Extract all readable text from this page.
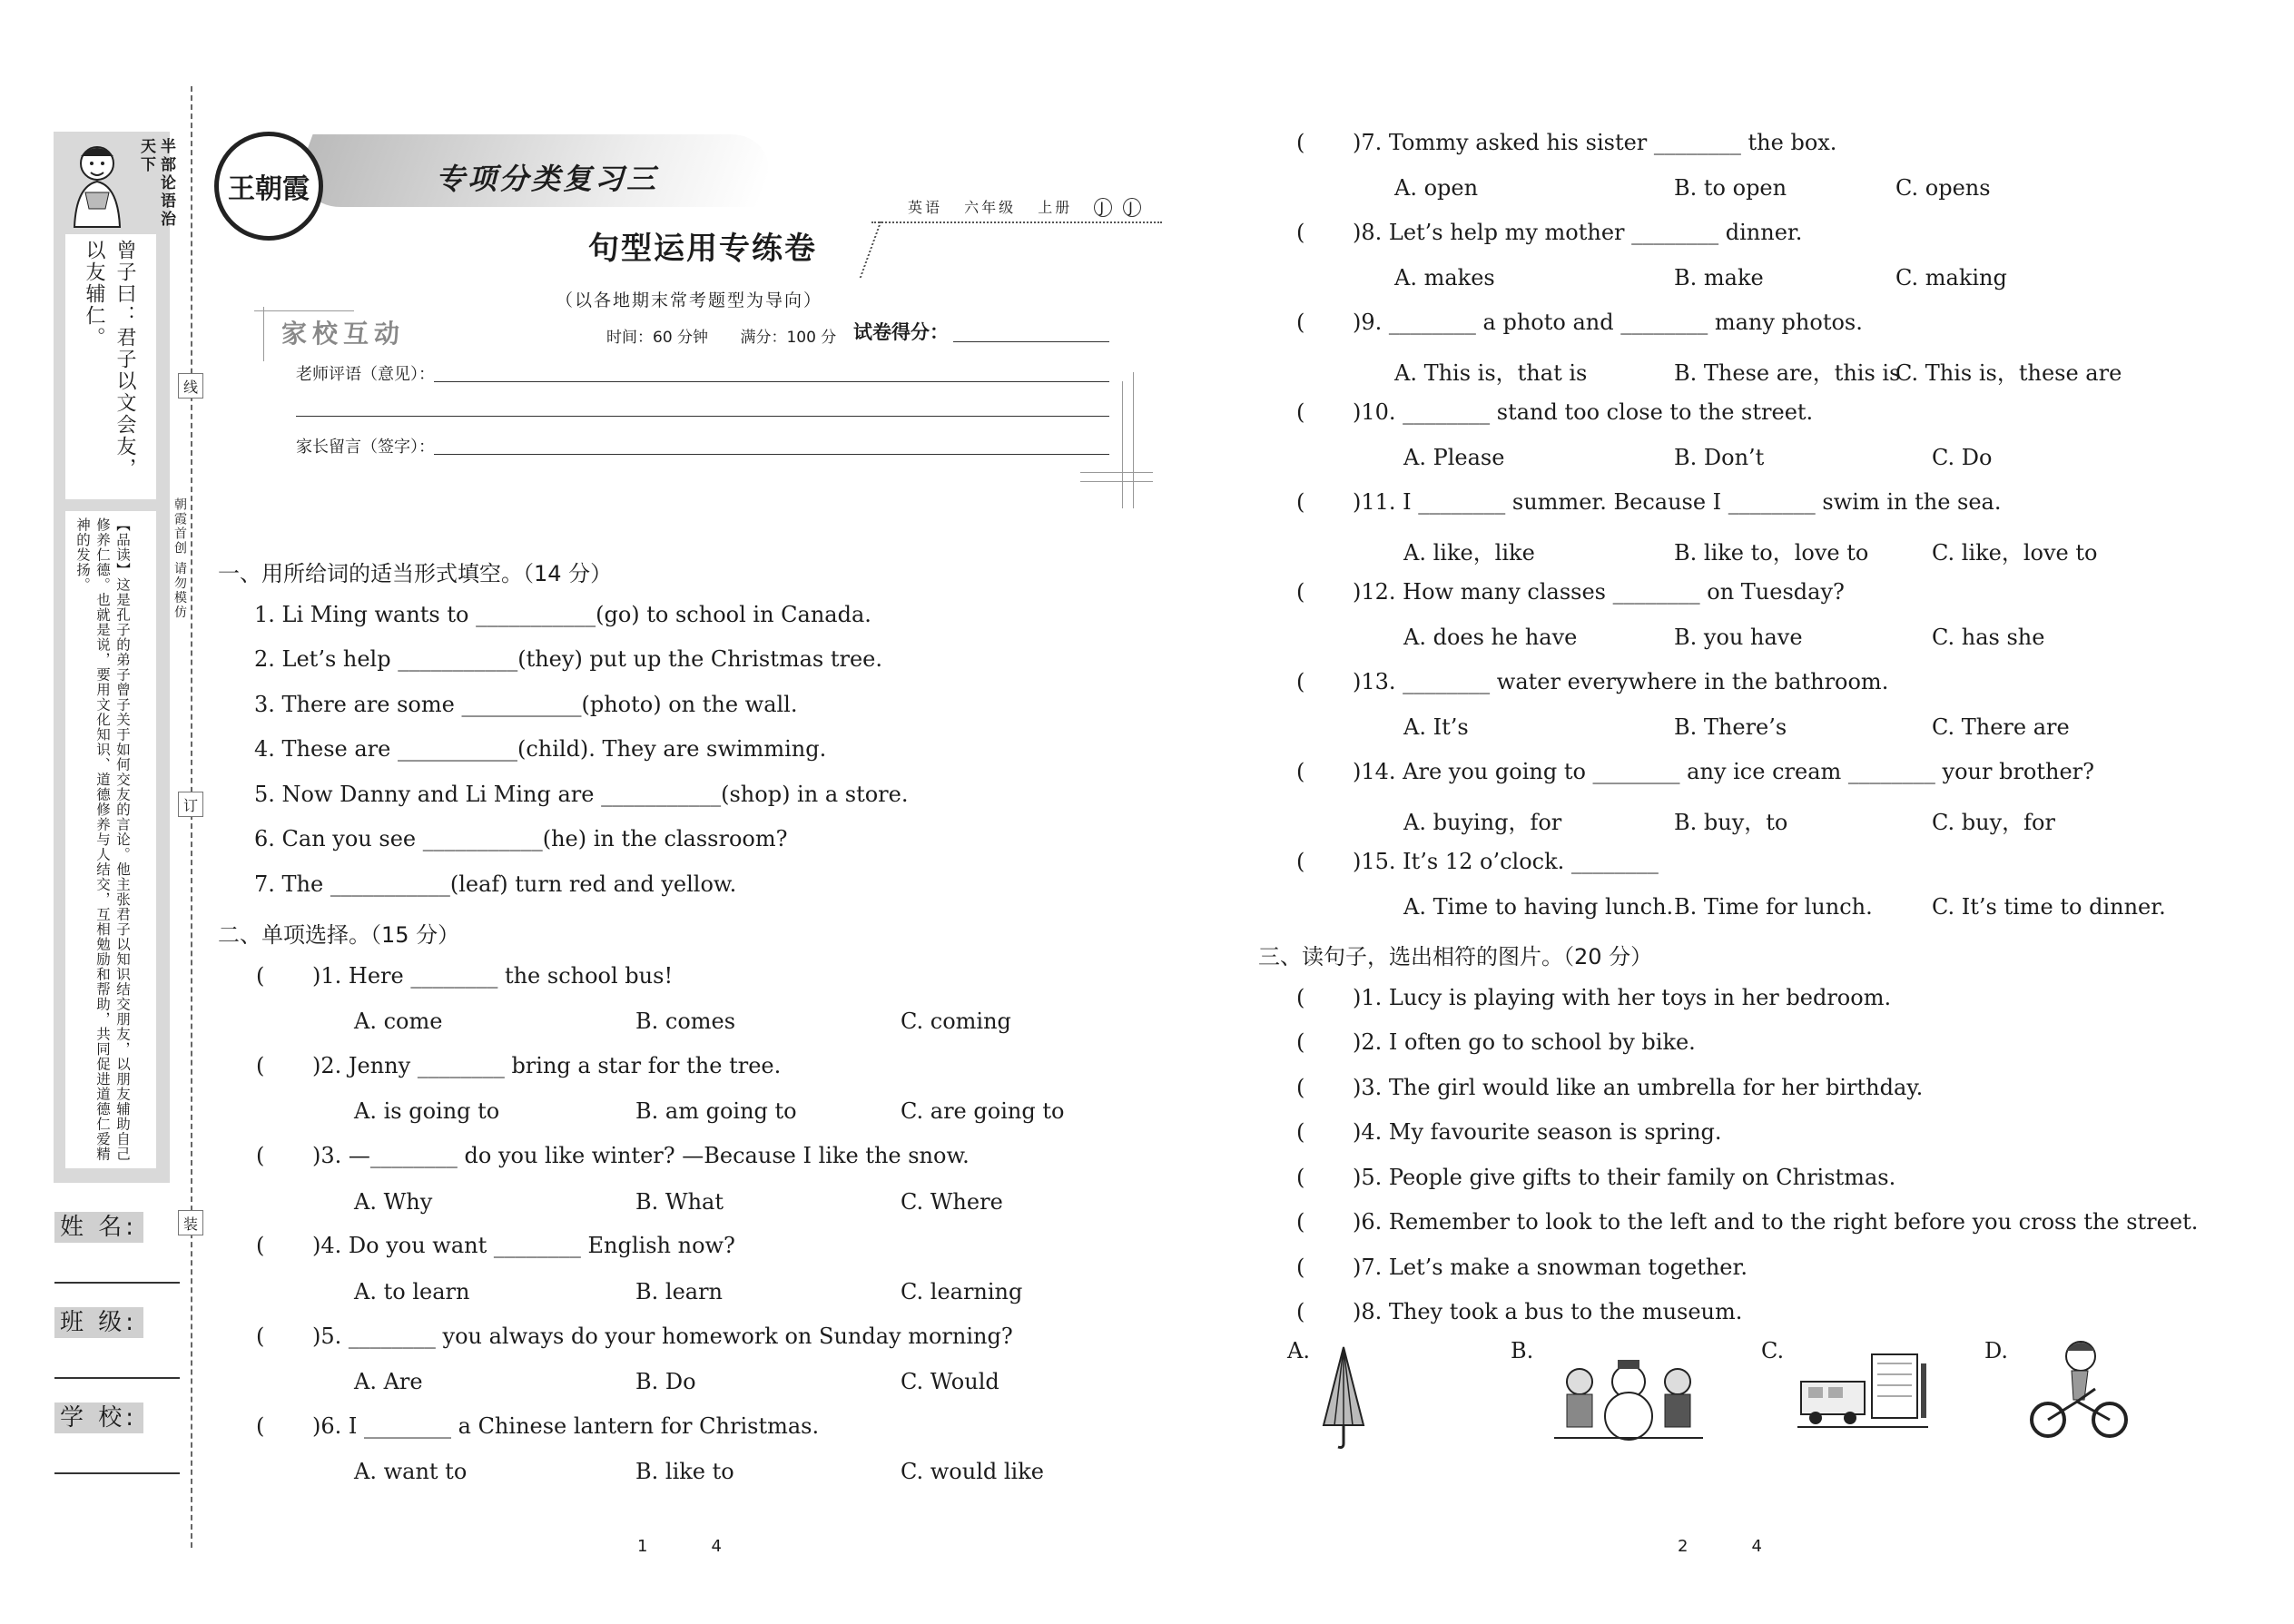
半部论语治天下
曾子曰：君子以文会友，以友辅仁。
【品读】这是孔子的弟子曾子关于如何交友的言论。他主张君子以知识结交朋友，以朋友辅助自己修养仁德。也就是说，要用文化知识、道德修养与人结交，互相勉励和帮助，共同促进道德仁爱精神的发扬。	朝霞首创 请勿模仿
线
订
装
姓 名:
班 级:
学 校:
王朝霞	专项分类复习三
英语 六年级 上册 J J
句型运用专练卷
（以各地期末常考题型为导向）
家校互动	时间：60 分钟 满分：100 分 试卷得分：
老师评语（意见）：
家长留言（签字）：
一、用所给词的适当形式填空。（14 分）
1. Li Ming wants to ___________(go) to school in Canada.
2. Let’s help ___________(they) put up the Christmas tree.
3. There are some ___________(photo) on the wall.
4. These are ___________(child). They are swimming.
5. Now Danny and Li Ming are ___________(shop) in a store.
6. Can you see ___________(he) in the classroom?
7. The ___________(leaf) turn red and yellow.
二、单项选择。（15 分）
( )1. Here ________ the school bus!
A. come	B. comes	C. coming
( )2. Jenny ________ bring a star for the tree.
A. is going to	B. am going to	C. are going to
( )3. —________ do you like winter? —Because I like the snow.
A. Why	B. What	C. Where
( )4. Do you want ________ English now?
A. to learn	B. learn	C. learning
( )5. ________ you always do your homework on Sunday morning?
A. Are	B. Do	C. Would
( )6. I ________ a Chinese lantern for Christmas.
A. want to	B. like to	C. would like
1	4
( )7. Tommy asked his sister ________ the box.
A. open	B. to open	C. opens
( )8. Let’s help my mother ________ dinner.
A. makes	B. make	C. making
( )9. ________ a photo and ________ many photos.
A. This is，that is	B. These are，this is
C. This is，these are
( )10. ________ stand too close to the street.
A. Please	B. Don’t	C. Do
( )11. I ________ summer. Because I ________ swim in the sea.
A. like，like	B. like to，love to	C. like，love to
( )12. How many classes ________ on Tuesday?
A. does he have	B. you have	C. has she
( )13. ________ water everywhere in the bathroom.
A. It’s	B. There’s	C. There are
( )14. Are you going to ________ any ice cream ________ your brother?
A. buying，for	B. buy，to	C. buy，for
( )15. It’s 12 o’clock. ________
A. Time to having lunch. B. Time for lunch.	C. It’s time to dinner.
三、读句子，选出相符的图片。（20 分）
( )1. Lucy is playing with her toys in her bedroom.
( )2. I often go to school by bike.
( )3. The girl would like an umbrella for her birthday.
( )4. My favourite season is spring.
( )5. People give gifts to their family on Christmas.
( )6. Remember to look to the left and to the right before you cross the street.
( )7. Let’s make a snowman together.
( )8. They took a bus to the museum.
A.	B.	C.	D.
2	4
